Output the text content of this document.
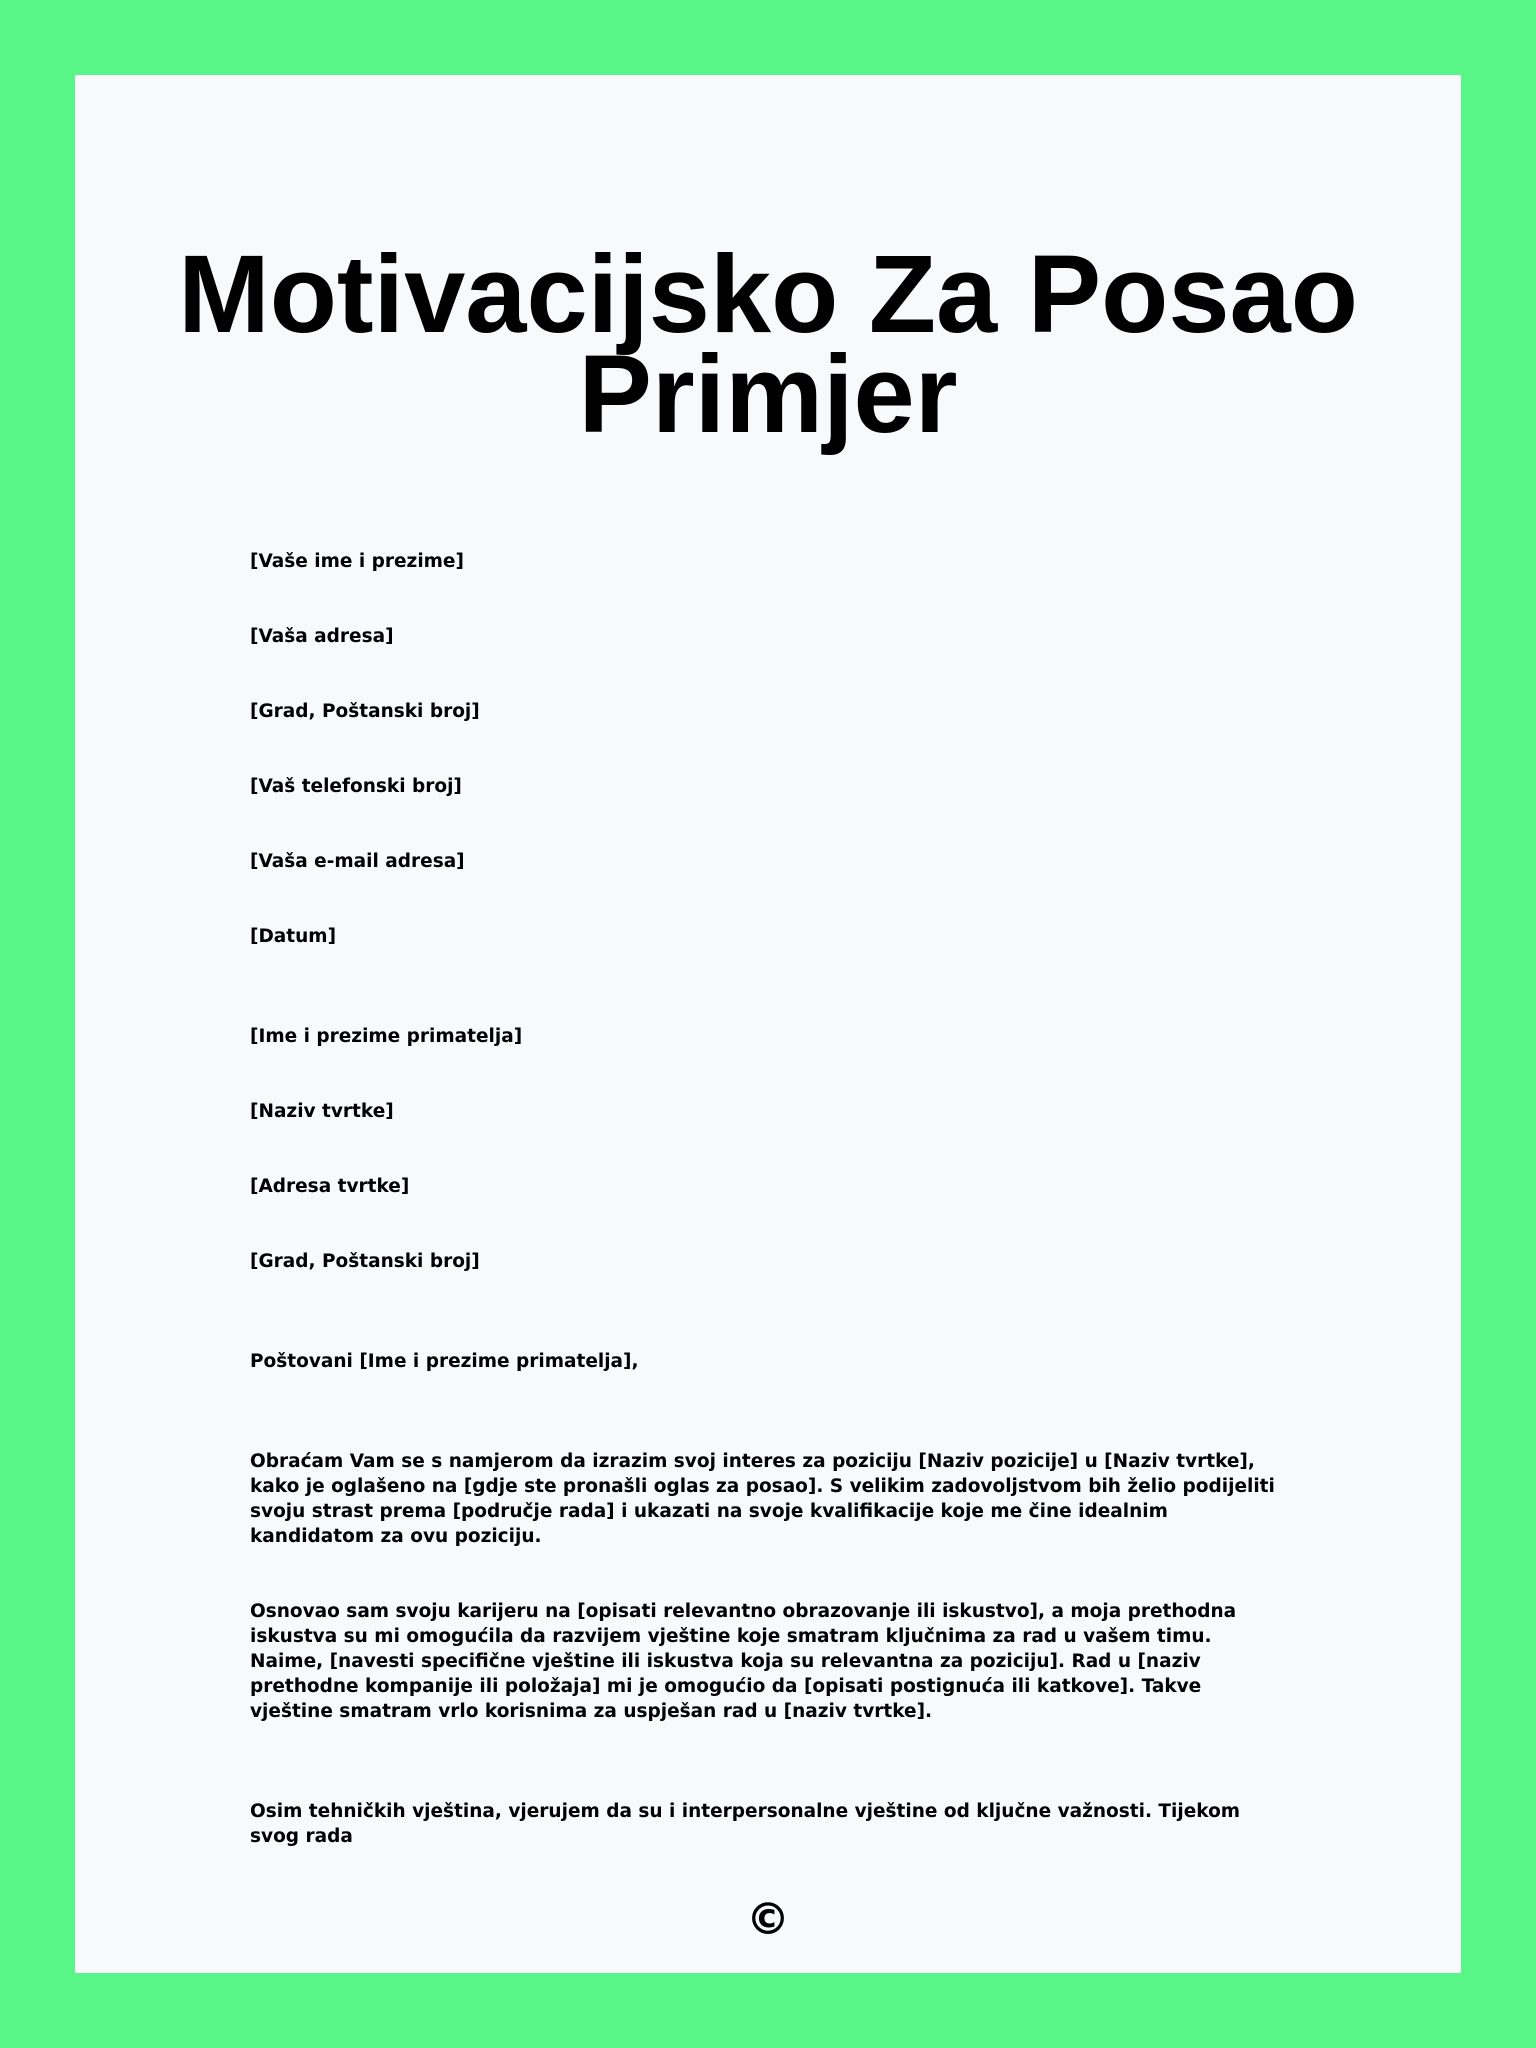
Motivacijsko Za Posao Primjer

[Vaše ime i prezime]

[Vaša adresa]

[Grad, Poštanski broj]

[Vaš telefonski broj]

[Vaša e-mail adresa]

[Datum]

[Ime i prezime primatelja]

[Naziv tvrtke]

[Adresa tvrtke]

[Grad, Poštanski broj]

Poštovani [Ime i prezime primatelja],

Obraćam Vam se s namjerom da izrazim svoj interes za poziciju [Naziv pozicije] u [Naziv tvrtke], kako je oglašeno na [gdje ste pronašli oglas za posao]. S velikim zadovoljstvom bih želio podijeliti svoju strast prema [područje rada] i ukazati na svoje kvalifikacije koje me čine idealnim kandidatom za ovu poziciju.

Osnovao sam svoju karijeru na [opisati relevantno obrazovanje ili iskustvo], a moja prethodna iskustva su mi omogućila da razvijem vještine koje smatram ključnima za rad u vašem timu. Naime, [navesti specifične vještine ili iskustva koja su relevantna za poziciju]. Rad u [naziv prethodne kompanije ili položaja] mi je omogućio da [opisati postignuća ili katkove]. Takve vještine smatram vrlo korisnima za uspješan rad u [naziv tvrtke].

Osim tehničkih vještina, vjerujem da su i interpersonalne vještine od ključne važnosti. Tijekom svog rada

©
